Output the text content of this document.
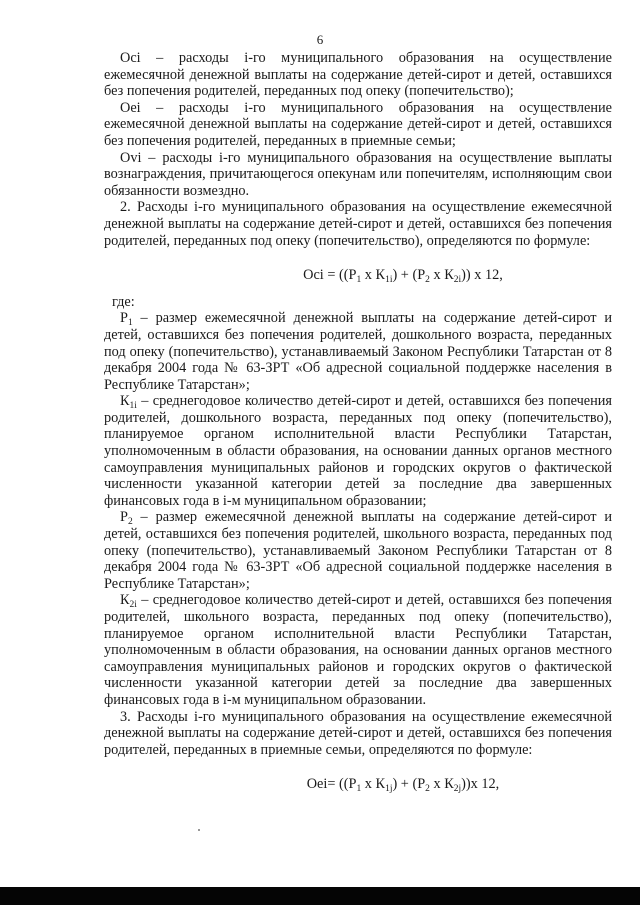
6

Осi – расходы i-го муниципального образования на осуществление ежемесячной денежной выплаты на содержание детей-сирот и детей, оставшихся без попечения родителей, переданных под опеку (попечительство);

Оei – расходы i-го муниципального образования на осуществление ежемесячной денежной выплаты на содержание детей-сирот и детей, оставшихся без попечения родителей, переданных в приемные семьи;

Оvi – расходы i-го муниципального образования на осуществление выплаты вознаграждения, причитающегося опекунам или попечителям, исполняющим свои обязанности возмездно.

2. Расходы i-го муниципального образования на осуществление ежемесячной денежной выплаты на содержание детей-сирот и детей, оставшихся без попечения родителей, переданных под опеку (попечительство), определяются по формуле:

Осi = (($Р_1$ х $К_{1i}) + (Р_2$ х $К_{2i}$)) х 12,

где:

$Р_1$ – размер ежемесячной денежной выплаты на содержание детей-сирот и детей, оставшихся без попечения родителей, дошкольного возраста, переданных под опеку (попечительство), устанавливаемый Законом Республики Татарстан от 8 декабря 2004 года № 63-ЗРТ «Об адресной социальной поддержке населения в Республике Татарстан»;

$К_{1i}$ – среднегодовое количество детей-сирот и детей, оставшихся без попечения родителей, дошкольного возраста, переданных под опеку (попечительство), планируемое органом исполнительной власти Республики Татарстан, уполномоченным в области образования, на основании данных органов местного самоуправления муниципальных районов и городских округов о фактической численности указанной категории детей за последние два завершенных финансовых года в i-м муниципальном образовании;

$Р_2$ – размер ежемесячной денежной выплаты на содержание детей-сирот и детей, оставшихся без попечения родителей, школьного возраста, переданных под опеку (попечительство), устанавливаемый Законом Республики Татарстан от 8 декабря 2004 года № 63-ЗРТ «Об адресной социальной поддержке населения в Республике Татарстан»;

$К_{2i}$ – среднегодовое количество детей-сирот и детей, оставшихся без попечения родителей, школьного возраста, переданных под опеку (попечительство), планируемое органом исполнительной власти Республики Татарстан, уполномоченным в области образования, на основании данных органов местного самоуправления муниципальных районов и городских округов о фактической численности указанной категории детей за последние два завершенных финансовых года в i-м муниципальном образовании.

3. Расходы i-го муниципального образования на осуществление ежемесячной денежной выплаты на содержание детей-сирот и детей, оставшихся без попечения родителей, переданных в приемные семьи, определяются по формуле:

$Оei= ((Р_1$ х $К_{1j}) + (Р_2$ х $К_{2j}))х$ 12,
